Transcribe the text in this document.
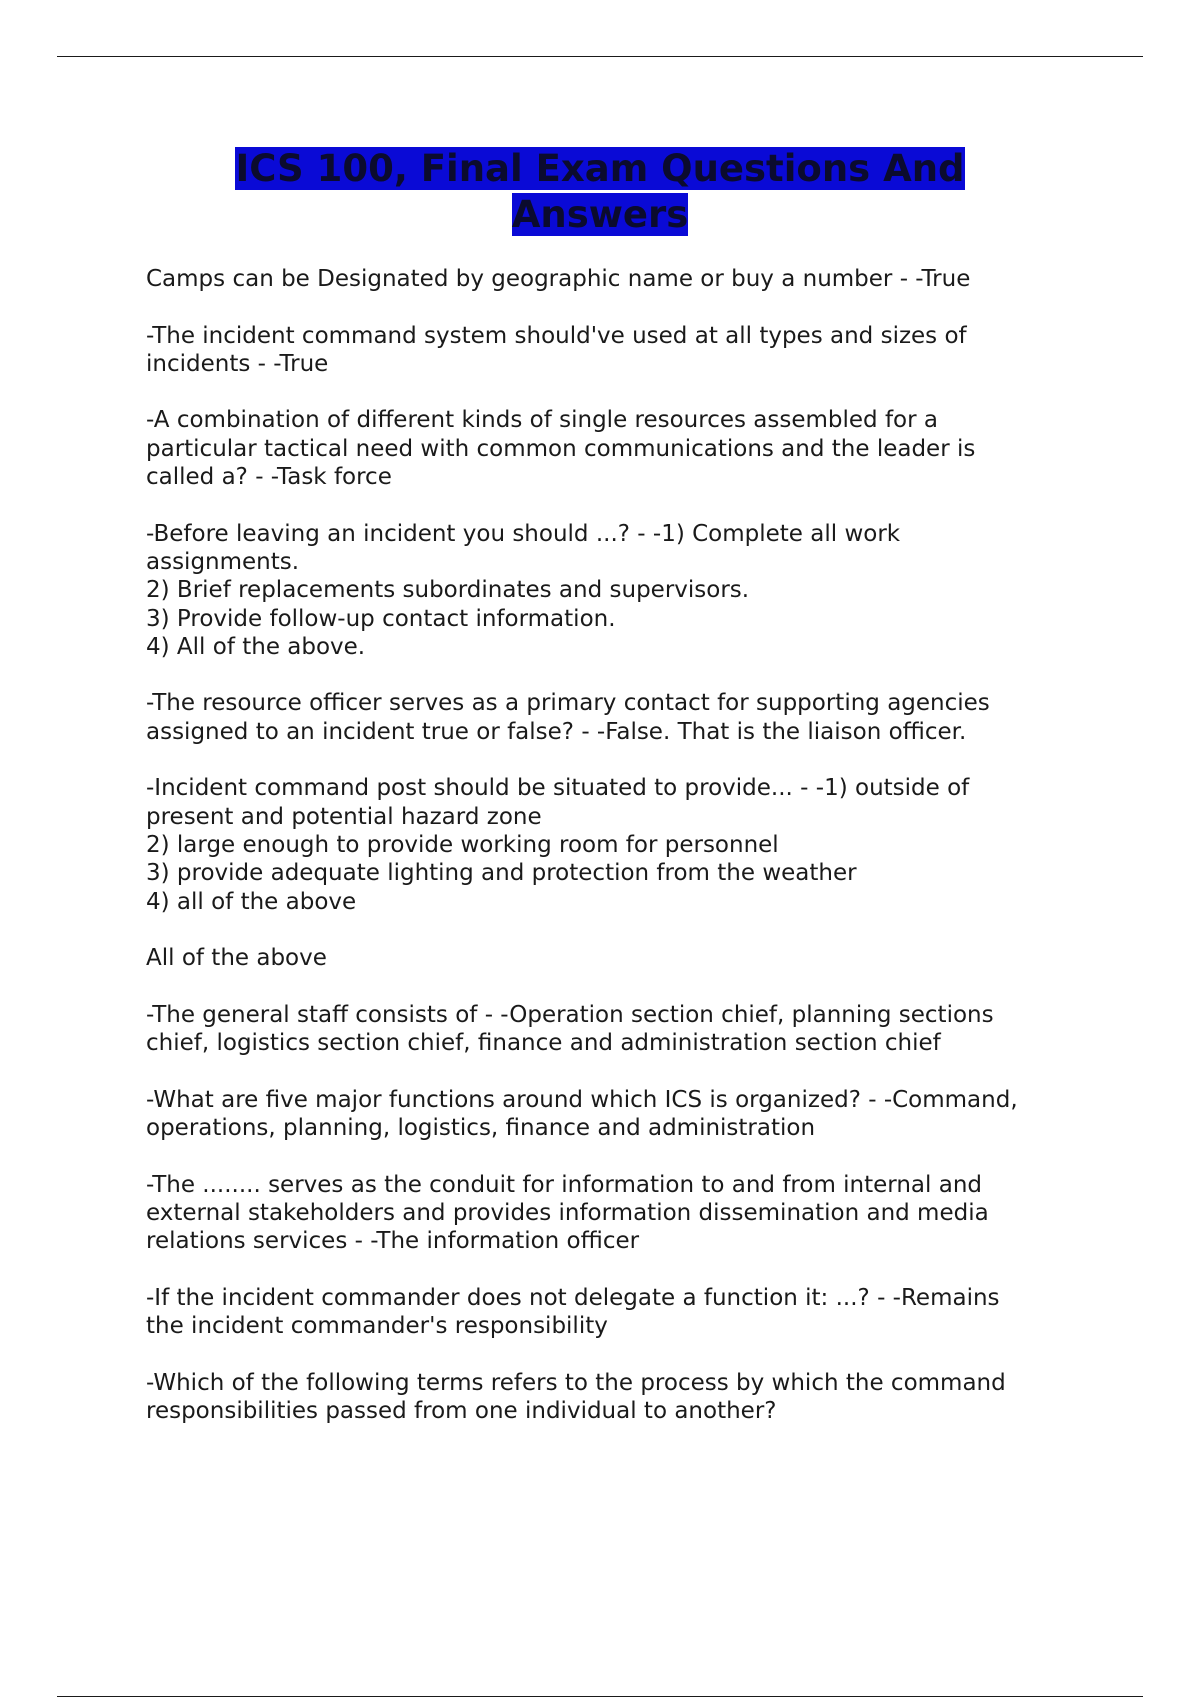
ICS 100, Final Exam Questions And Answers

Camps can be Designated by geographic name or buy a number - -True

-The incident command system should've used at all types and sizes of
incidents - -True

-A combination of different kinds of single resources assembled for a
particular tactical need with common communications and the leader is
called a? - -Task force

-Before leaving an incident you should ...? - -1) Complete all work
assignments.
2) Brief replacements subordinates and supervisors.
3) Provide follow-up contact information.
4) All of the above.

-The resource officer serves as a primary contact for supporting agencies
assigned to an incident true or false? - -False. That is the liaison officer.

-Incident command post should be situated to provide... - -1) outside of
present and potential hazard zone
2) large enough to provide working room for personnel
3) provide adequate lighting and protection from the weather
4) all of the above

All of the above

-The general staff consists of - -Operation section chief, planning sections
chief, logistics section chief, finance and administration section chief

-What are five major functions around which ICS is organized? - -Command,
operations, planning, logistics, finance and administration

-The ........ serves as the conduit for information to and from internal and
external stakeholders and provides information dissemination and media
relations services - -The information officer

-If the incident commander does not delegate a function it: ...? - -Remains
the incident commander's responsibility

-Which of the following terms refers to the process by which the command
responsibilities passed from one individual to another?
